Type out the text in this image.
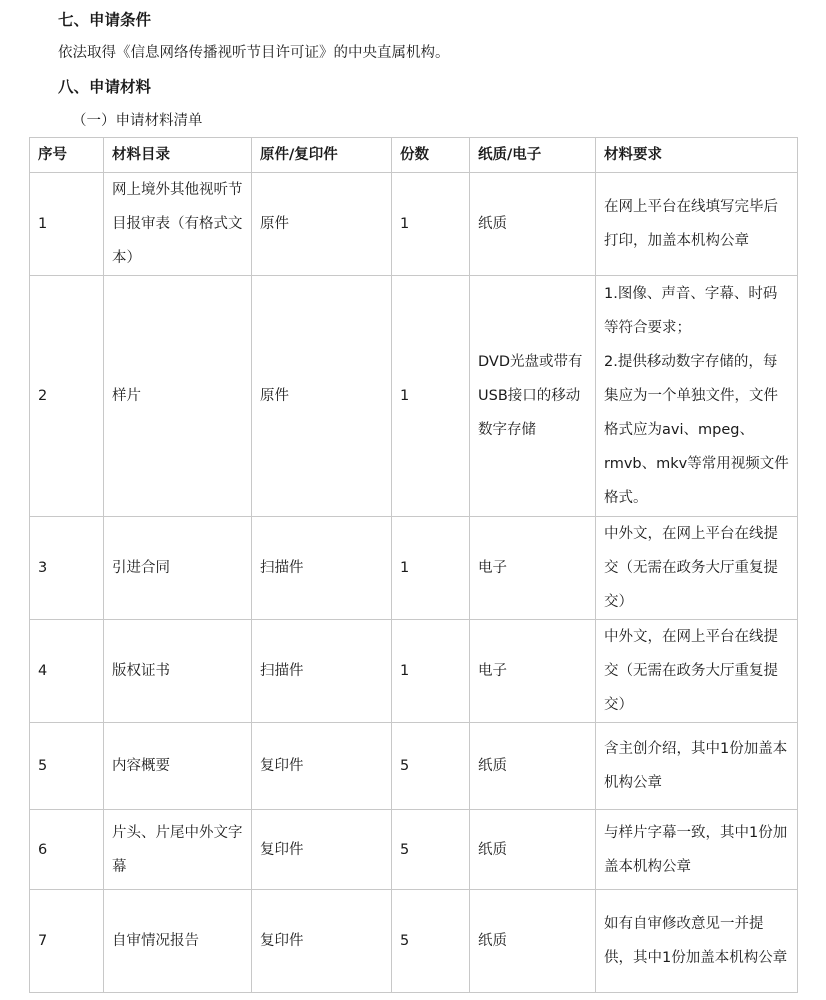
七、申请条件
依法取得《信息网络传播视听节目许可证》的中央直属机构。
八、申请材料
（一）申请材料清单
序号	材料目录	原件/复印件	份数	纸质/电子	材料要求
1	网上境外其他视听节目报审表（有格式文本）	原件	1	纸质	在网上平台在线填写完毕后打印，加盖本机构公章
2	样片	原件	1	DVD光盘或带有USB接口的移动数字存储	1.图像、声音、字幕、时码等符合要求；
2.提供移动数字存储的，每集应为一个单独文件，文件格式应为avi、mpeg、rmvb、mkv等常用视频文件格式。
3	引进合同	扫描件	1	电子	中外文，在网上平台在线提交（无需在政务大厅重复提交）
4	版权证书	扫描件	1	电子	中外文，在网上平台在线提交（无需在政务大厅重复提交）
5	内容概要	复印件	5	纸质	含主创介绍，其中1份加盖本机构公章
6	片头、片尾中外文字幕	复印件	5	纸质	与样片字幕一致，其中1份加盖本机构公章
7	自审情况报告	复印件	5	纸质	如有自审修改意见一并提供，其中1份加盖本机构公章
